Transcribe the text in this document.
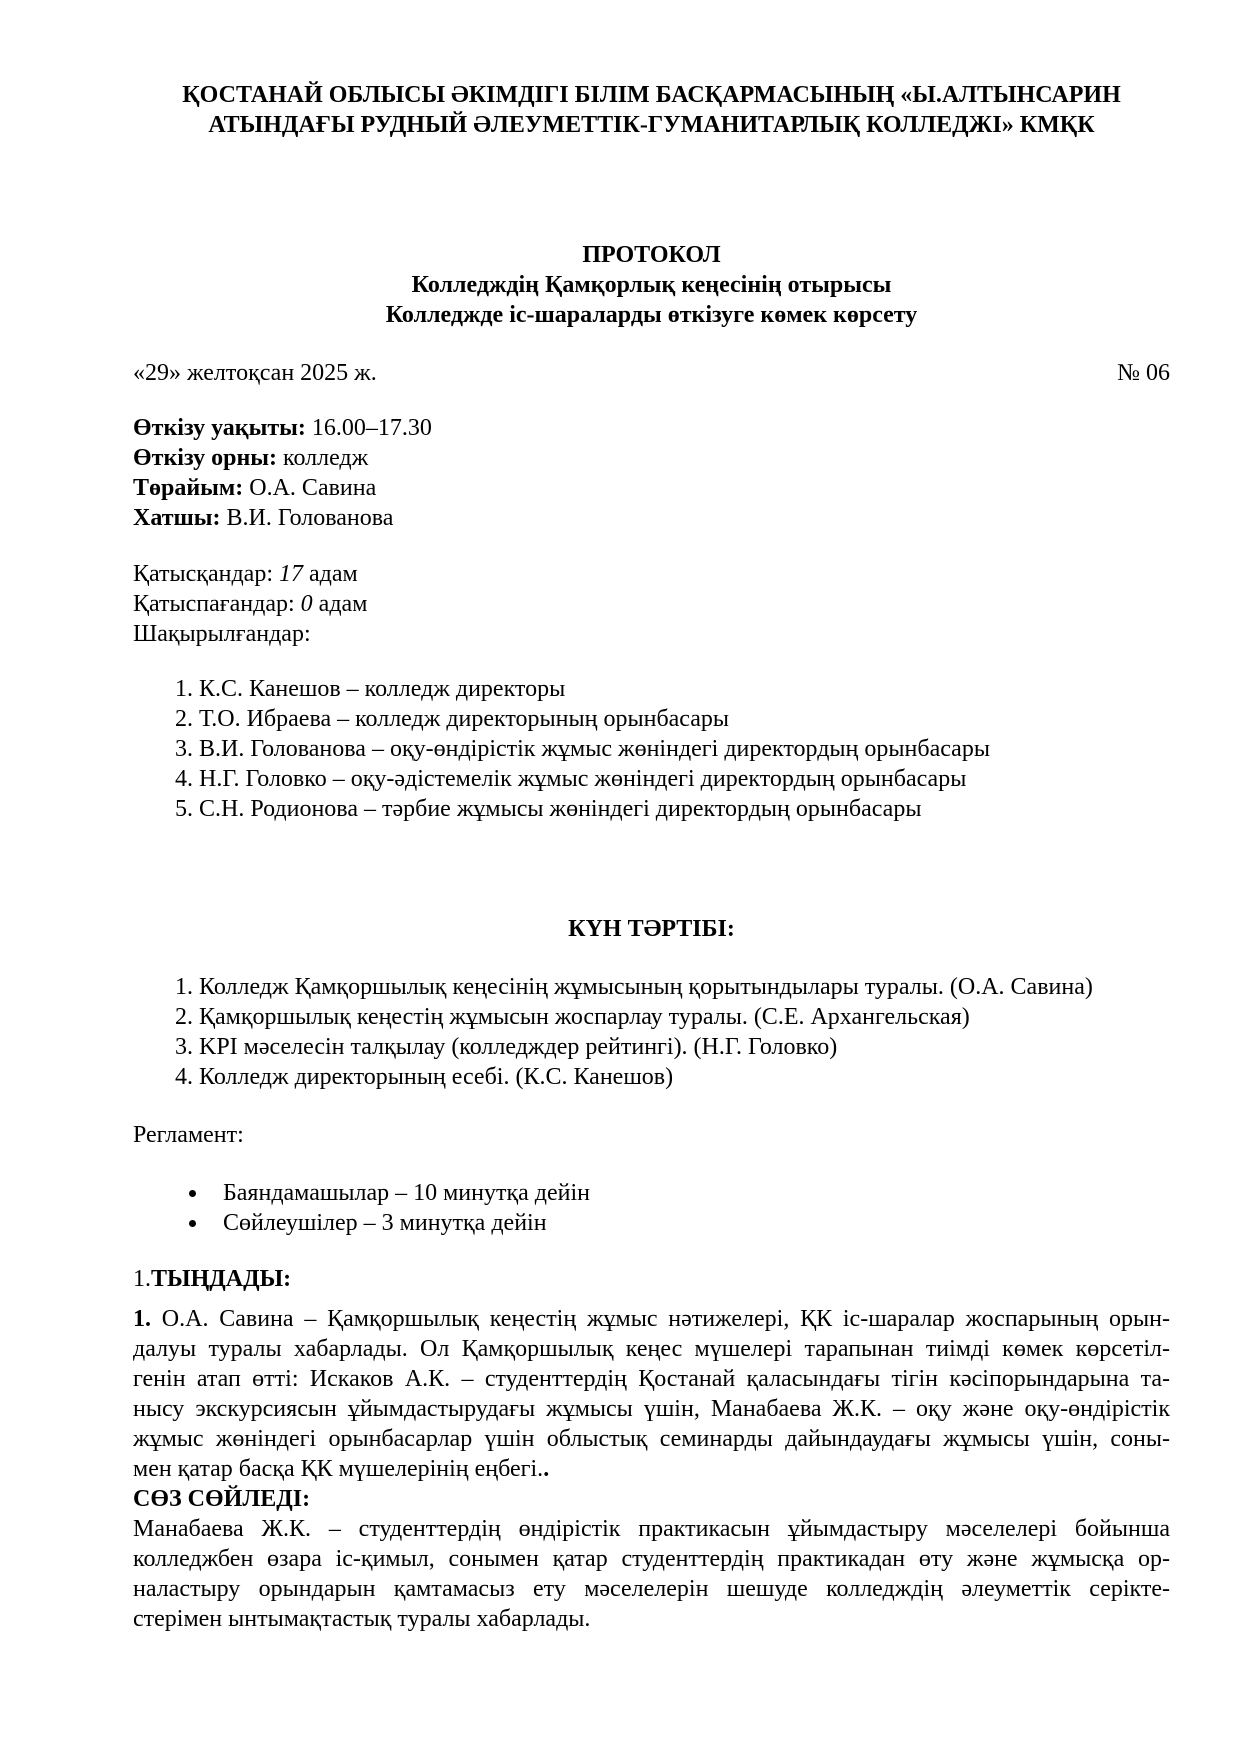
ҚОСТАНАЙ ОБЛЫСЫ ӘКІМДІГІ БІЛІМ БАСҚАРМАСЫНЫҢ «Ы.АЛТЫНСАРИН
АТЫНДАҒЫ РУДНЫЙ ӘЛЕУМЕТТІК-ГУМАНИТАРЛЫҚ КОЛЛЕДЖІ» КМҚК
ПРОТОКОЛ
Колледждің Қамқорлық кеңесінің отырысы
Колледжде іс-шараларды өткізуге көмек көрсету
«29» желтоқсан 2025 ж.	№ 06
Өткізу уақыты: 16.00–17.30
Өткізу орны: колледж
Төрайым: О.А. Савина
Хатшы: В.И. Голованова
Қатысқандар: 17 адам
Қатыспағандар: 0 адам
Шақырылғандар:
1. К.С. Канешов – колледж директоры
2. Т.О. Ибраева – колледж директорының орынбасары
3. В.И. Голованова – оқу-өндірістік жұмыс жөніндегі директордың орынбасары
4. Н.Г. Головко – оқу-әдістемелік жұмыс жөніндегі директордың орынбасары
5. С.Н. Родионова – тәрбие жұмысы жөніндегі директордың орынбасары
КҮН ТӘРТІБІ:
1. Колледж Қамқоршылық кеңесінің жұмысының қорытындылары туралы. (О.А. Савина)
2. Қамқоршылық кеңестің жұмысын жоспарлау туралы. (С.Е. Архангельская)
3. KPI мәселесін талқылау (колледждер рейтингі). (Н.Г. Головко)
4. Колледж директорының есебі. (К.С. Канешов)
Регламент:
• Баяндамашылар – 10 минутқа дейін
• Сөйлеушілер – 3 минутқа дейін
1.ТЫҢДАДЫ:
1. О.А. Савина – Қамқоршылық кеңестің жұмыс нәтижелері, ҚК іс-шаралар жоспарының орын-
далуы туралы хабарлады. Ол Қамқоршылық кеңес мүшелері тарапынан тиімді көмек көрсетіл-
генін атап өтті: Искаков А.К. – студенттердің Қостанай қаласындағы тігін кәсіпорындарына та-
нысу экскурсиясын ұйымдастырудағы жұмысы үшін, Манабаева Ж.К. – оқу және оқу-өндірістік
жұмыс жөніндегі орынбасарлар үшін облыстық семинарды дайындаудағы жұмысы үшін, соны-
мен қатар басқа ҚК мүшелерінің еңбегі..
СӨЗ СӨЙЛЕДІ:
Манабаева Ж.К. – студенттердің өндірістік практикасын ұйымдастыру мәселелері бойынша
колледжбен өзара іс-қимыл, сонымен қатар студенттердің практикадан өту және жұмысқа ор-
наластыру орындарын қамтамасыз ету мәселелерін шешуде колледждің әлеуметтік серікте-
стерімен ынтымақтастық туралы хабарлады.
